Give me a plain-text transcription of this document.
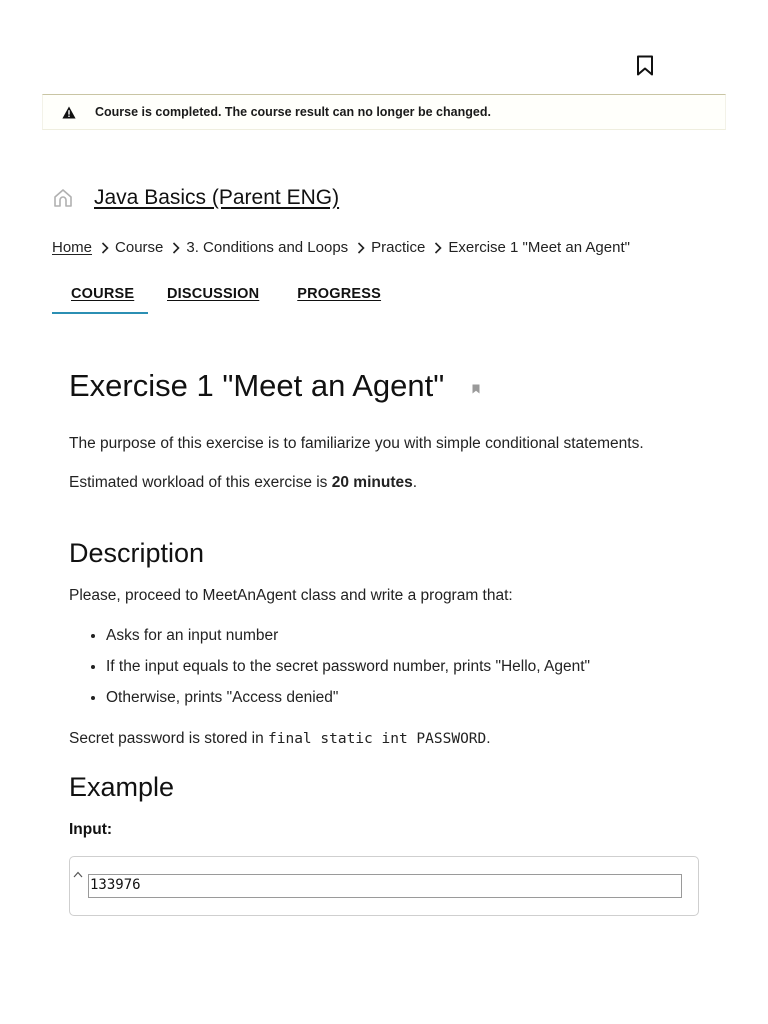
Course is completed. The course result can no longer be changed.
Java Basics (Parent ENG)
Home Course 3. Conditions and Loops Practice Exercise 1 "Meet an Agent"
COURSE	DISCUSSION	PROGRESS
Exercise 1 "Meet an Agent"

The purpose of this exercise is to familiarize you with simple conditional statements.

Estimated workload of this exercise is 20 minutes.

Description

Please, proceed to MeetAnAgent class and write a program that:

• Asks for an input number
• If the input equals to the secret password number, prints "Hello, Agent"
• Otherwise, prints "Access denied"

Secret password is stored in final static int PASSWORD.

Example
Input:
133976
